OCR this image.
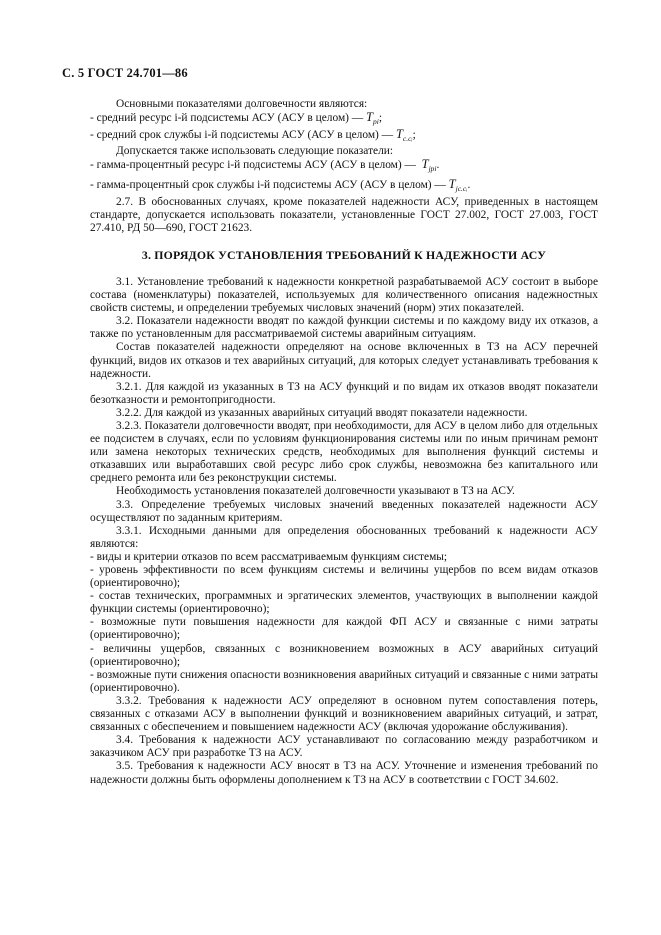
С. 5 ГОСТ 24.701—86

Основными показателями долговечности являются:

- средний ресурс i-й подсистемы АСУ (АСУ в целом) — $T_{pi}$;

- средний срок службы i-й подсистемы АСУ (АСУ в целом) — $T_{c.cᵢ}$;

Допускается также использовать следующие показатели:

- гамма-процентный ресурс i-й подсистемы АСУ (АСУ в целом) — $T_{jpi}$.

- гамма-процентный срок службы i-й подсистемы АСУ (АСУ в целом) — $T_{jc.cᵢ}$.

2.7. В обоснованных случаях, кроме показателей надежности АСУ, приведенных в настоящем стандарте, допускается использовать показатели, установленные ГОСТ 27.002, ГОСТ 27.003, ГОСТ 27.410, РД 50—690, ГОСТ 21623.

3. ПОРЯДОК УСТАНОВЛЕНИЯ ТРЕБОВАНИЙ К НАДЕЖНОСТИ АСУ

3.1. Установление требований к надежности конкретной разрабатываемой АСУ состоит в выборе состава (номенклатуры) показателей, используемых для количественного описания надежностных свойств системы, и определении требуемых числовых значений (норм) этих показателей.

3.2. Показатели надежности вводят по каждой функции системы и по каждому виду их отказов, а также по установленным для рассматриваемой системы аварийным ситуациям.

Состав показателей надежности определяют на основе включенных в ТЗ на АСУ перечней функций, видов их отказов и тех аварийных ситуаций, для которых следует устанавливать требования к надежности.

3.2.1. Для каждой из указанных в ТЗ на АСУ функций и по видам их отказов вводят показатели безотказности и ремонтопригодности.

3.2.2. Для каждой из указанных аварийных ситуаций вводят показатели надежности.

3.2.3. Показатели долговечности вводят, при необходимости, для АСУ в целом либо для отдельных ее подсистем в случаях, если по условиям функционирования системы или по иным причинам ремонт или замена некоторых технических средств, необходимых для выполнения функций системы и отказавших или выработавших свой ресурс либо срок службы, невозможна без капитального или среднего ремонта или без реконструкции системы.

Необходимость установления показателей долговечности указывают в ТЗ на АСУ.

3.3. Определение требуемых числовых значений введенных показателей надежности АСУ осуществляют по заданным критериям.

3.3.1. Исходными данными для определения обоснованных требований к надежности АСУ являются:

- виды и критерии отказов по всем рассматриваемым функциям системы;

- уровень эффективности по всем функциям системы и величины ущербов по всем видам отказов (ориентировочно);

- состав технических, программных и эргатических элементов, участвующих в выполнении каждой функции системы (ориентировочно);

- возможные пути повышения надежности для каждой ФП АСУ и связанные с ними затраты (ориентировочно);

- величины ущербов, связанных с возникновением возможных в АСУ аварийных ситуаций (ориентировочно);

- возможные пути снижения опасности возникновения аварийных ситуаций и связанные с ними затраты (ориентировочно).

3.3.2. Требования к надежности АСУ определяют в основном путем сопоставления потерь, связанных с отказами АСУ в выполнении функций и возникновением аварийных ситуаций, и затрат, связанных с обеспечением и повышением надежности АСУ (включая удорожание обслуживания).

3.4. Требования к надежности АСУ устанавливают по согласованию между разработчиком и заказчиком АСУ при разработке ТЗ на АСУ.

3.5. Требования к надежности АСУ вносят в ТЗ на АСУ. Уточнение и изменения требований по надежности должны быть оформлены дополнением к ТЗ на АСУ в соответствии с ГОСТ 34.602.
